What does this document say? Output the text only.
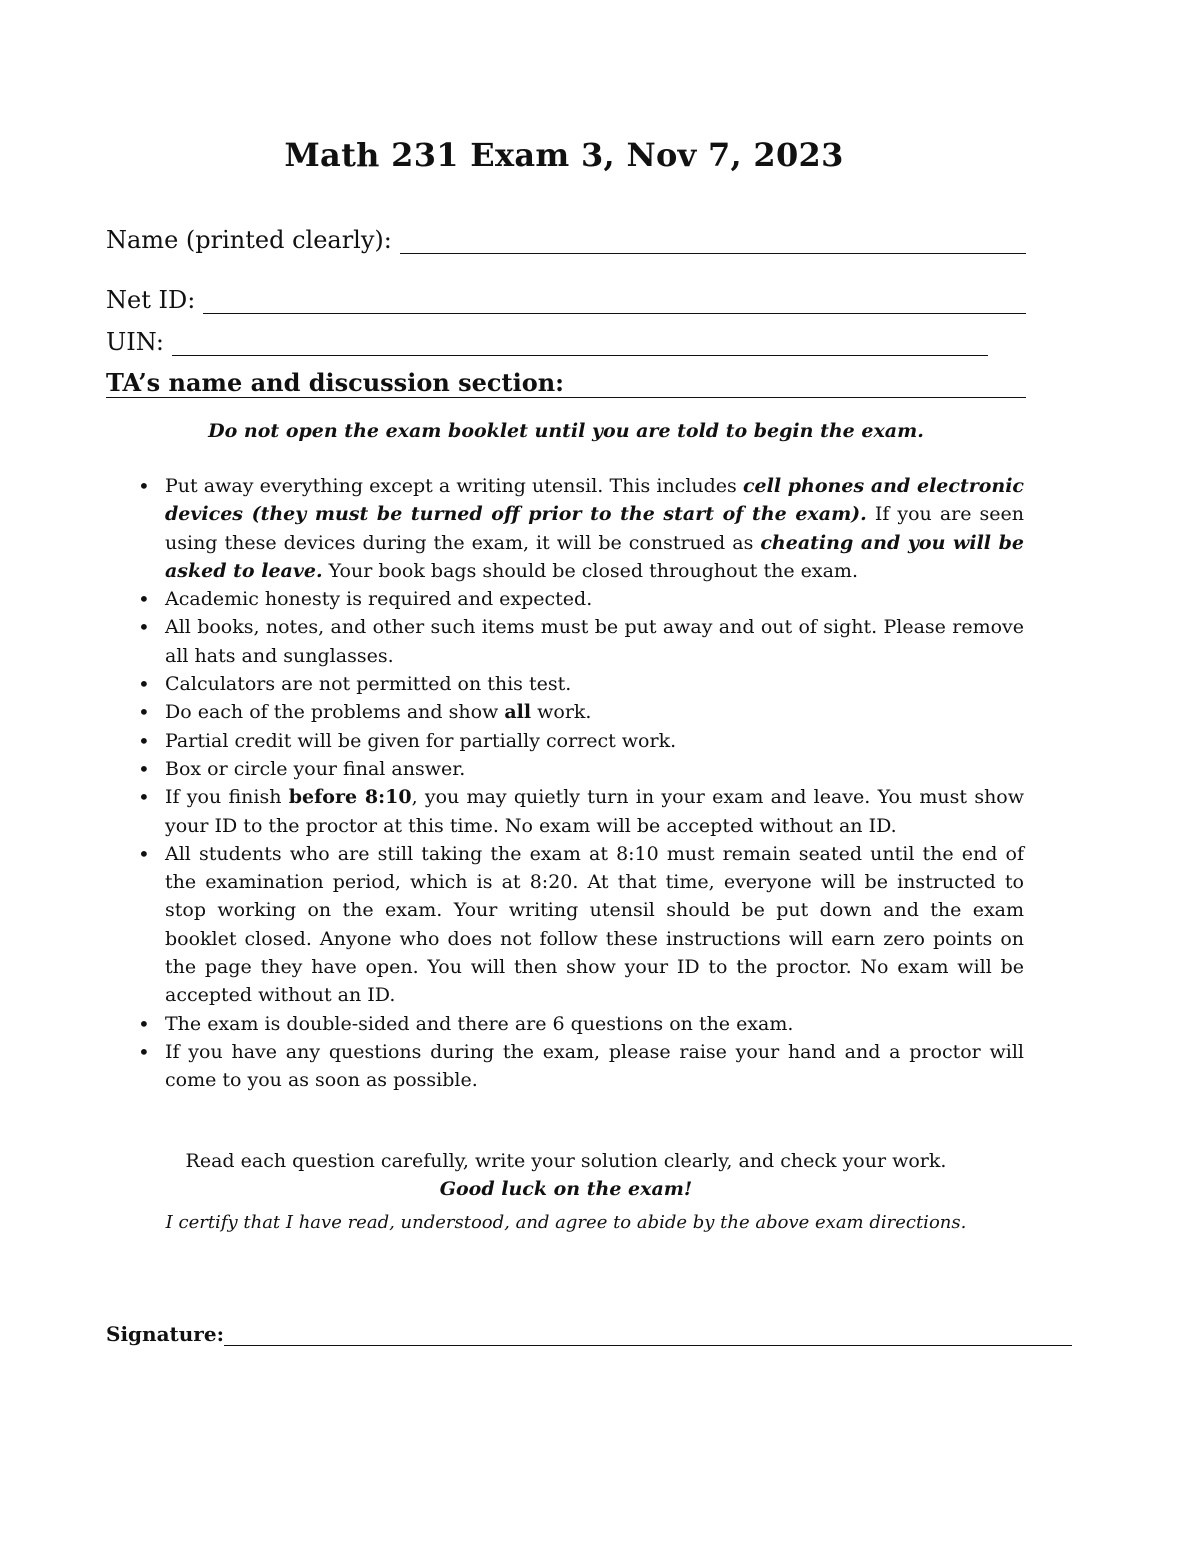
Math 231 Exam 3, Nov 7, 2023
Name (printed clearly):
Net ID:
UIN:
TA’s name and discussion section:
Do not open the exam booklet until you are told to begin the exam.
• Put away everything except a writing utensil. This includes cell phones and electronic devices (they must be turned off prior to the start of the exam). If you are seen using these devices during the exam, it will be construed as cheating and you will be asked to leave. Your book bags should be closed throughout the exam.
• Academic honesty is required and expected.
• All books, notes, and other such items must be put away and out of sight. Please remove all hats and sunglasses.
• Calculators are not permitted on this test.
• Do each of the problems and show all work.
• Partial credit will be given for partially correct work.
• Box or circle your final answer.
• If you finish before 8:10, you may quietly turn in your exam and leave. You must show your ID to the proctor at this time. No exam will be accepted without an ID.
• All students who are still taking the exam at 8:10 must remain seated until the end of the examination period, which is at 8:20. At that time, everyone will be instructed to stop working on the exam. Your writing utensil should be put down and the exam booklet closed. Anyone who does not follow these instructions will earn zero points on the page they have open. You will then show your ID to the proctor. No exam will be accepted without an ID.
• The exam is double-sided and there are 6 questions on the exam.
• If you have any questions during the exam, please raise your hand and a proctor will come to you as soon as possible.
Read each question carefully, write your solution clearly, and check your work.
Good luck on the exam!
I certify that I have read, understood, and agree to abide by the above exam directions.
Signature:
